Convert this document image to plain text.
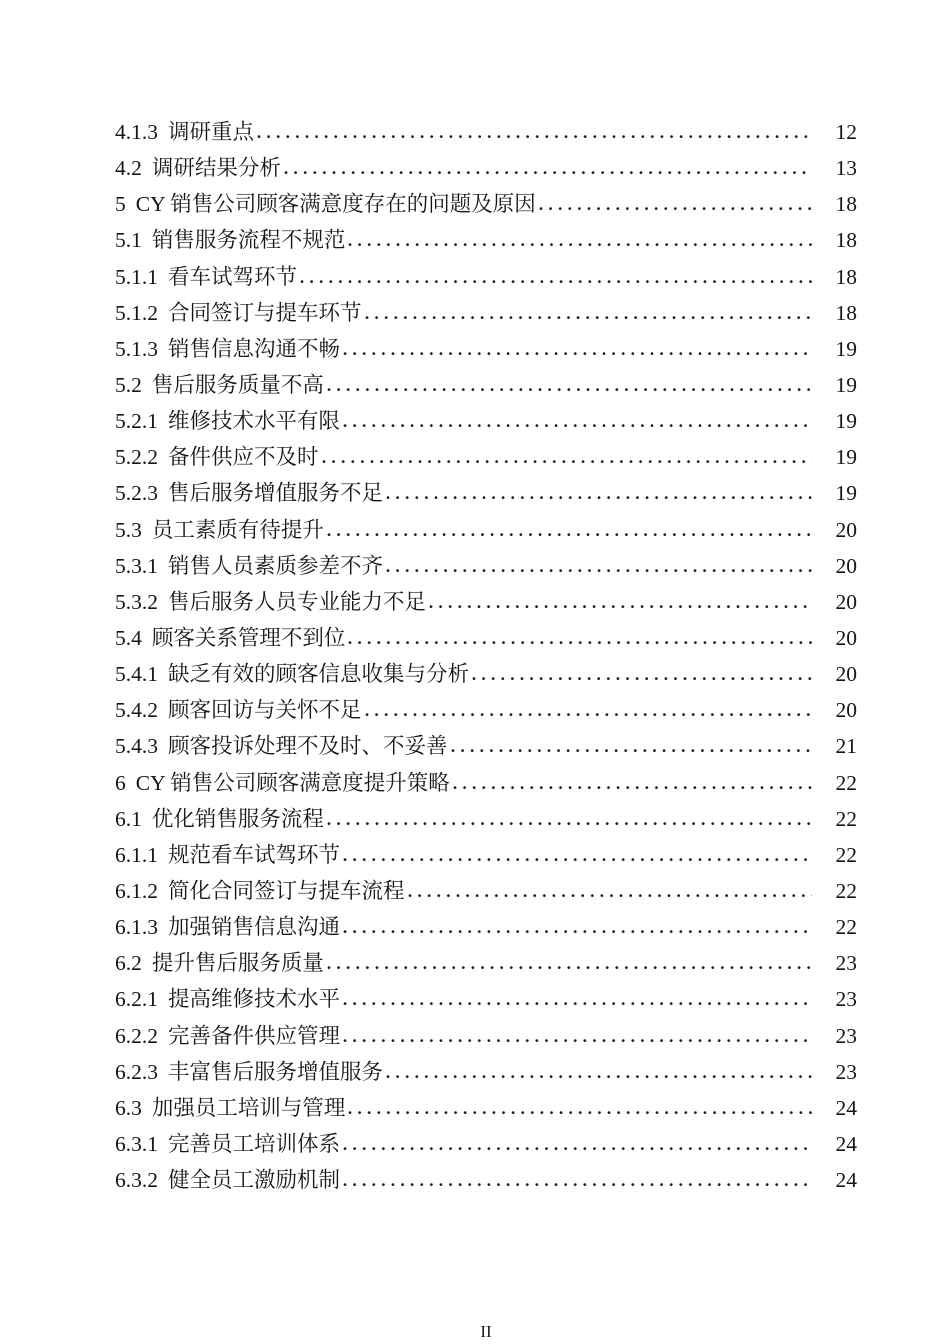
4.1.3 调研重点	12
4.2 调研结果分析	13
5 CY 销售公司顾客满意度存在的问题及原因	18
5.1 销售服务流程不规范	18
5.1.1 看车试驾环节	18
5.1.2 合同签订与提车环节	18
5.1.3 销售信息沟通不畅	19
5.2 售后服务质量不高	19
5.2.1 维修技术水平有限	19
5.2.2 备件供应不及时	19
5.2.3 售后服务增值服务不足	19
5.3 员工素质有待提升	20
5.3.1 销售人员素质参差不齐	20
5.3.2 售后服务人员专业能力不足	20
5.4 顾客关系管理不到位	20
5.4.1 缺乏有效的顾客信息收集与分析	20
5.4.2 顾客回访与关怀不足	20
5.4.3 顾客投诉处理不及时、不妥善	21
6 CY 销售公司顾客满意度提升策略	22
6.1 优化销售服务流程	22
6.1.1 规范看车试驾环节	22
6.1.2 简化合同签订与提车流程	22
6.1.3 加强销售信息沟通	22
6.2 提升售后服务质量	23
6.2.1 提高维修技术水平	23
6.2.2 完善备件供应管理	23
6.2.3 丰富售后服务增值服务	23
6.3 加强员工培训与管理	24
6.3.1 完善员工培训体系	24
6.3.2 健全员工激励机制	24
II
